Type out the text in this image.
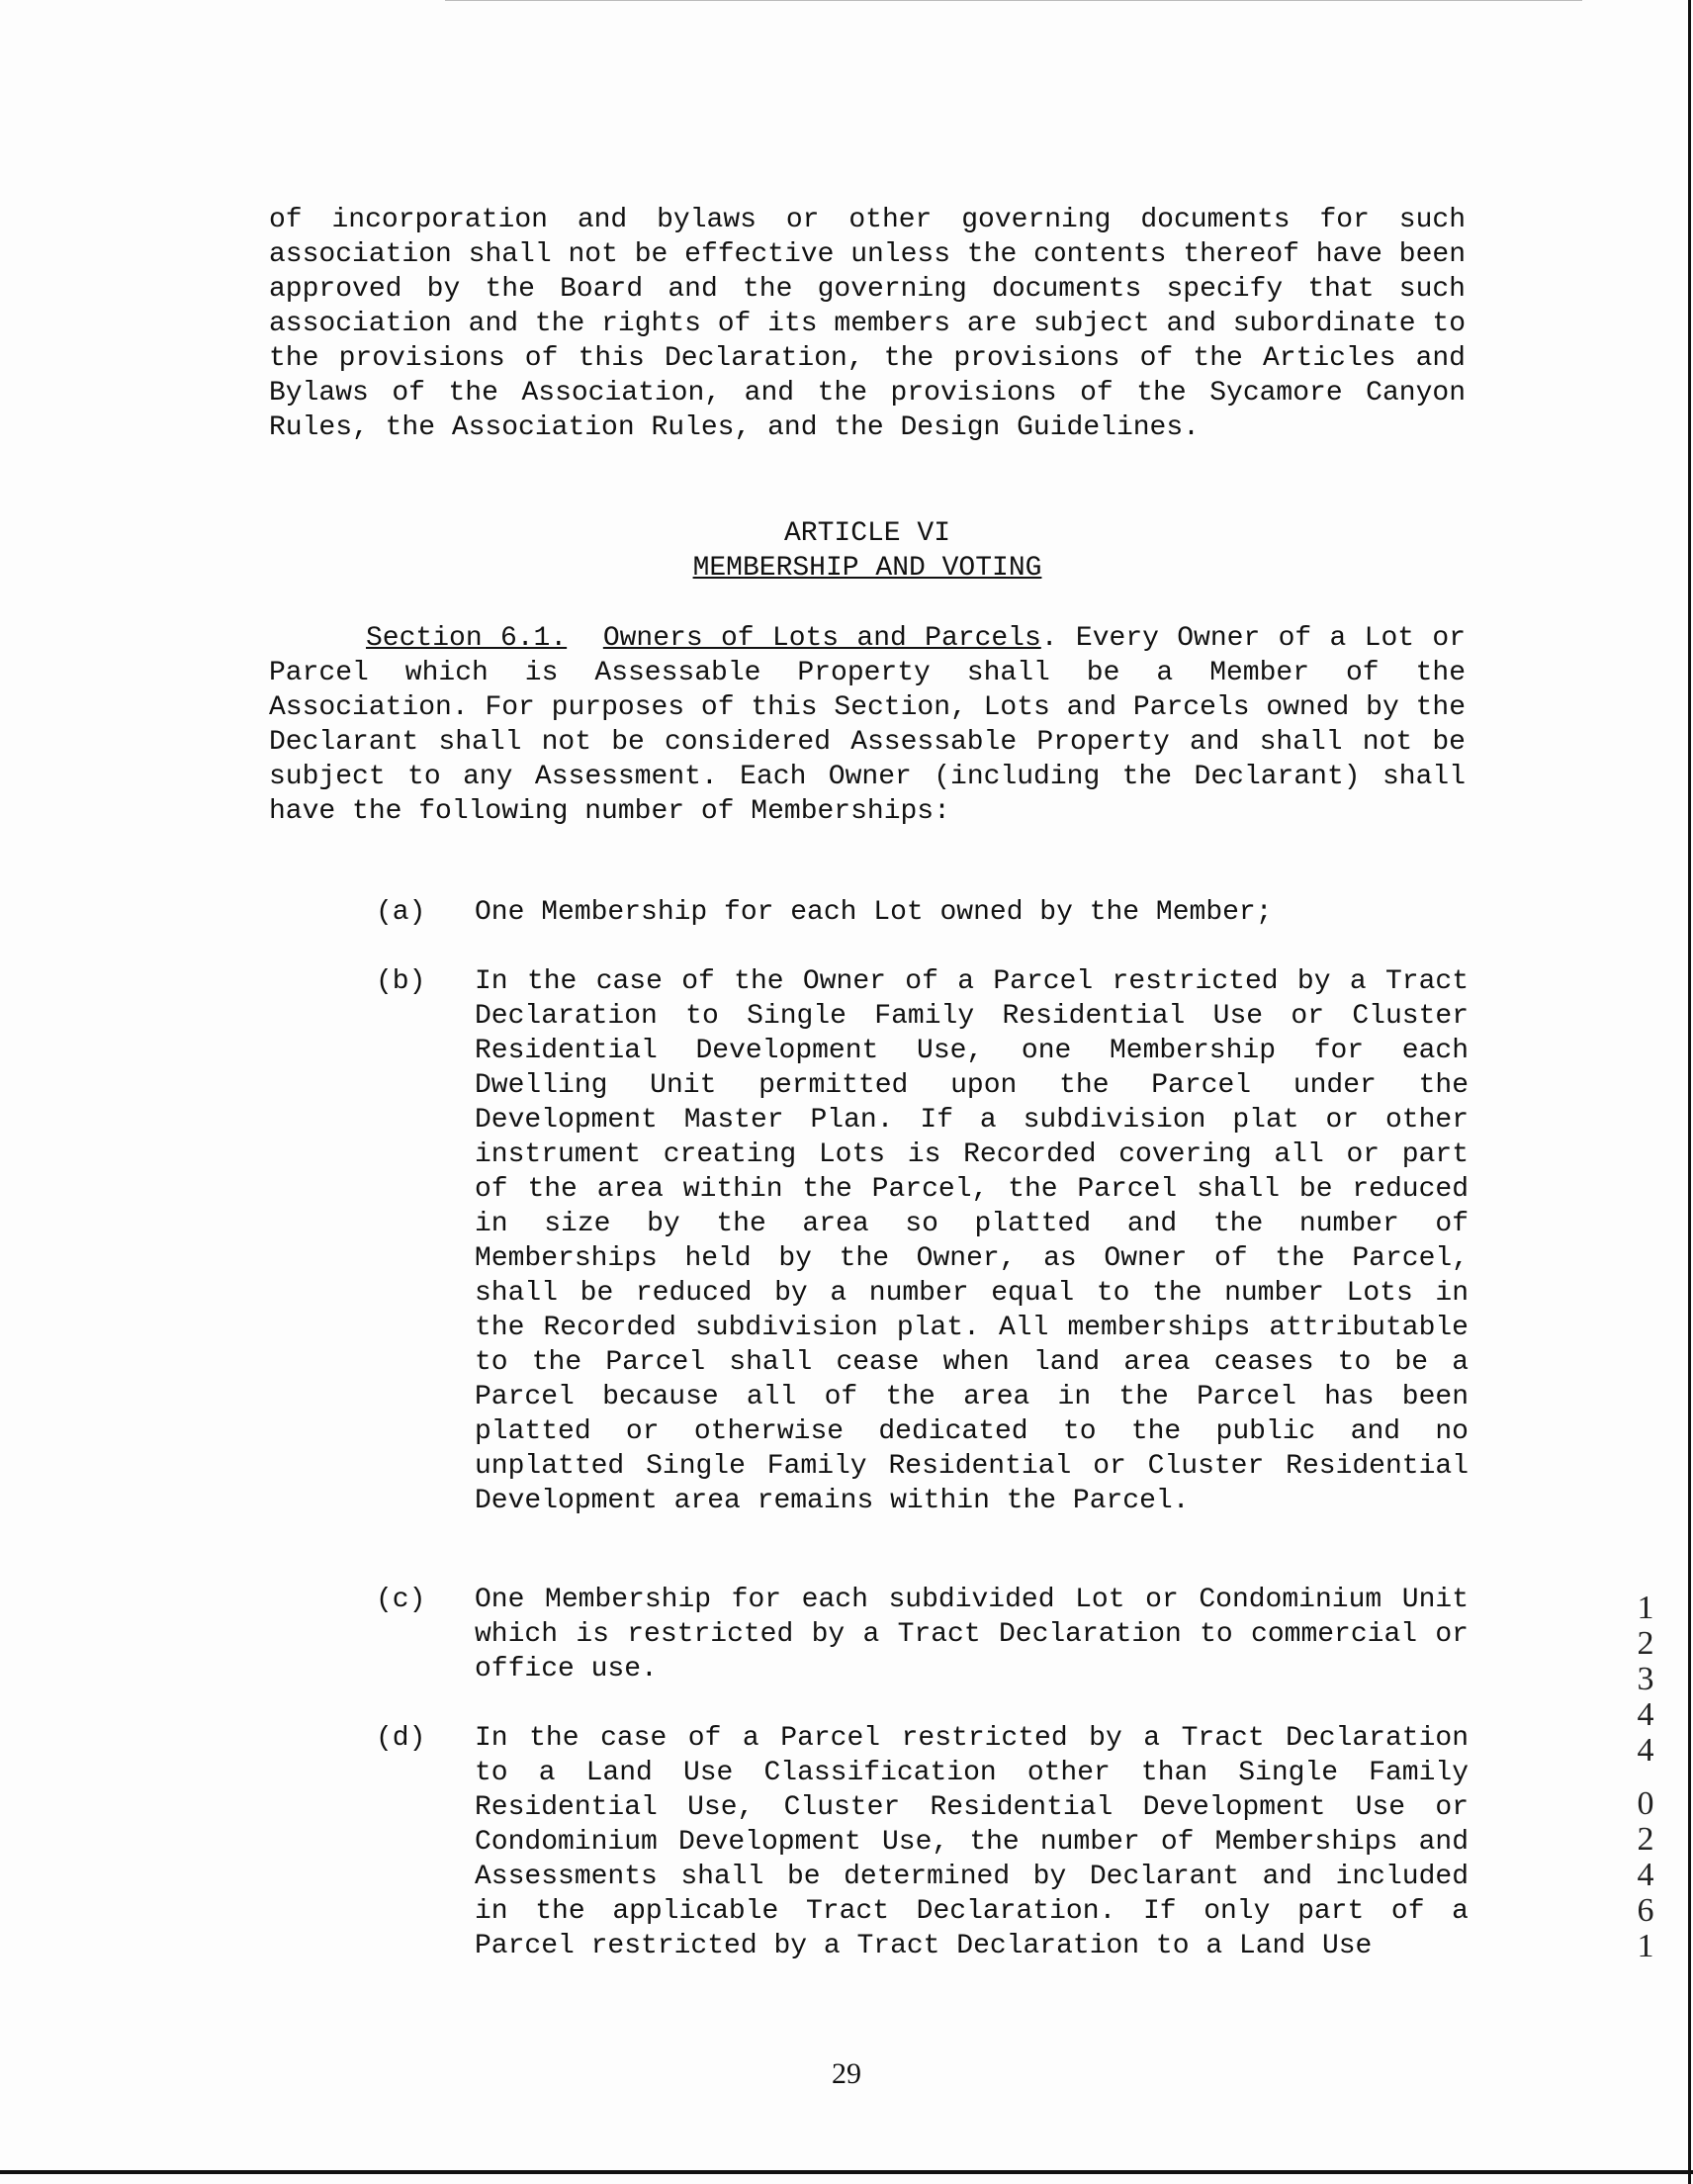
of incorporation and bylaws or other governing documents for such association shall not be effective unless the contents thereof have been approved by the Board and the governing documents specify that such association and the rights of its members are subject and subordinate to the provisions of this Declaration, the provisions of the Articles and Bylaws of the Association, and the provisions of the Sycamore Canyon Rules, the Association Rules, and the Design Guidelines.
ARTICLE VI
MEMBERSHIP AND VOTING
Section 6.1. Owners of Lots and Parcels. Every Owner of a Lot or Parcel which is Assessable Property shall be a Member of the Association. For purposes of this Section, Lots and Parcels owned by the Declarant shall not be considered Assessable Property and shall not be subject to any Assessment. Each Owner (including the Declarant) shall have the following number of Memberships:
(a)	One Membership for each Lot owned by the Member;
(b)	In the case of the Owner of a Parcel restricted by a Tract Declaration to Single Family Residential Use or Cluster Residential Development Use, one Membership for each Dwelling Unit permitted upon the Parcel under the Development Master Plan. If a subdivision plat or other instrument creating Lots is Recorded covering all or part of the area within the Parcel, the Parcel shall be reduced in size by the area so platted and the number of Memberships held by the Owner, as Owner of the Parcel, shall be reduced by a number equal to the number Lots in the Recorded subdivision plat. All memberships attributable to the Parcel shall cease when land area ceases to be a Parcel because all of the area in the Parcel has been platted or otherwise dedicated to the public and no unplatted Single Family Residential or Cluster Residential Development area remains within the Parcel.
(c)	One Membership for each subdivided Lot or Condominium Unit which is restricted by a Tract Declaration to commercial or office use.
(d)	In the case of a Parcel restricted by a Tract Declaration to a Land Use Classification other than Single Family Residential Use, Cluster Residential Development Use or Condominium Development Use, the number of Memberships and Assessments shall be determined by Declarant and included in the applicable Tract Declaration. If only part of a Parcel restricted by a Tract Declaration to a Land Use
29
1
2
3
4
4
0
2
4
6
1
